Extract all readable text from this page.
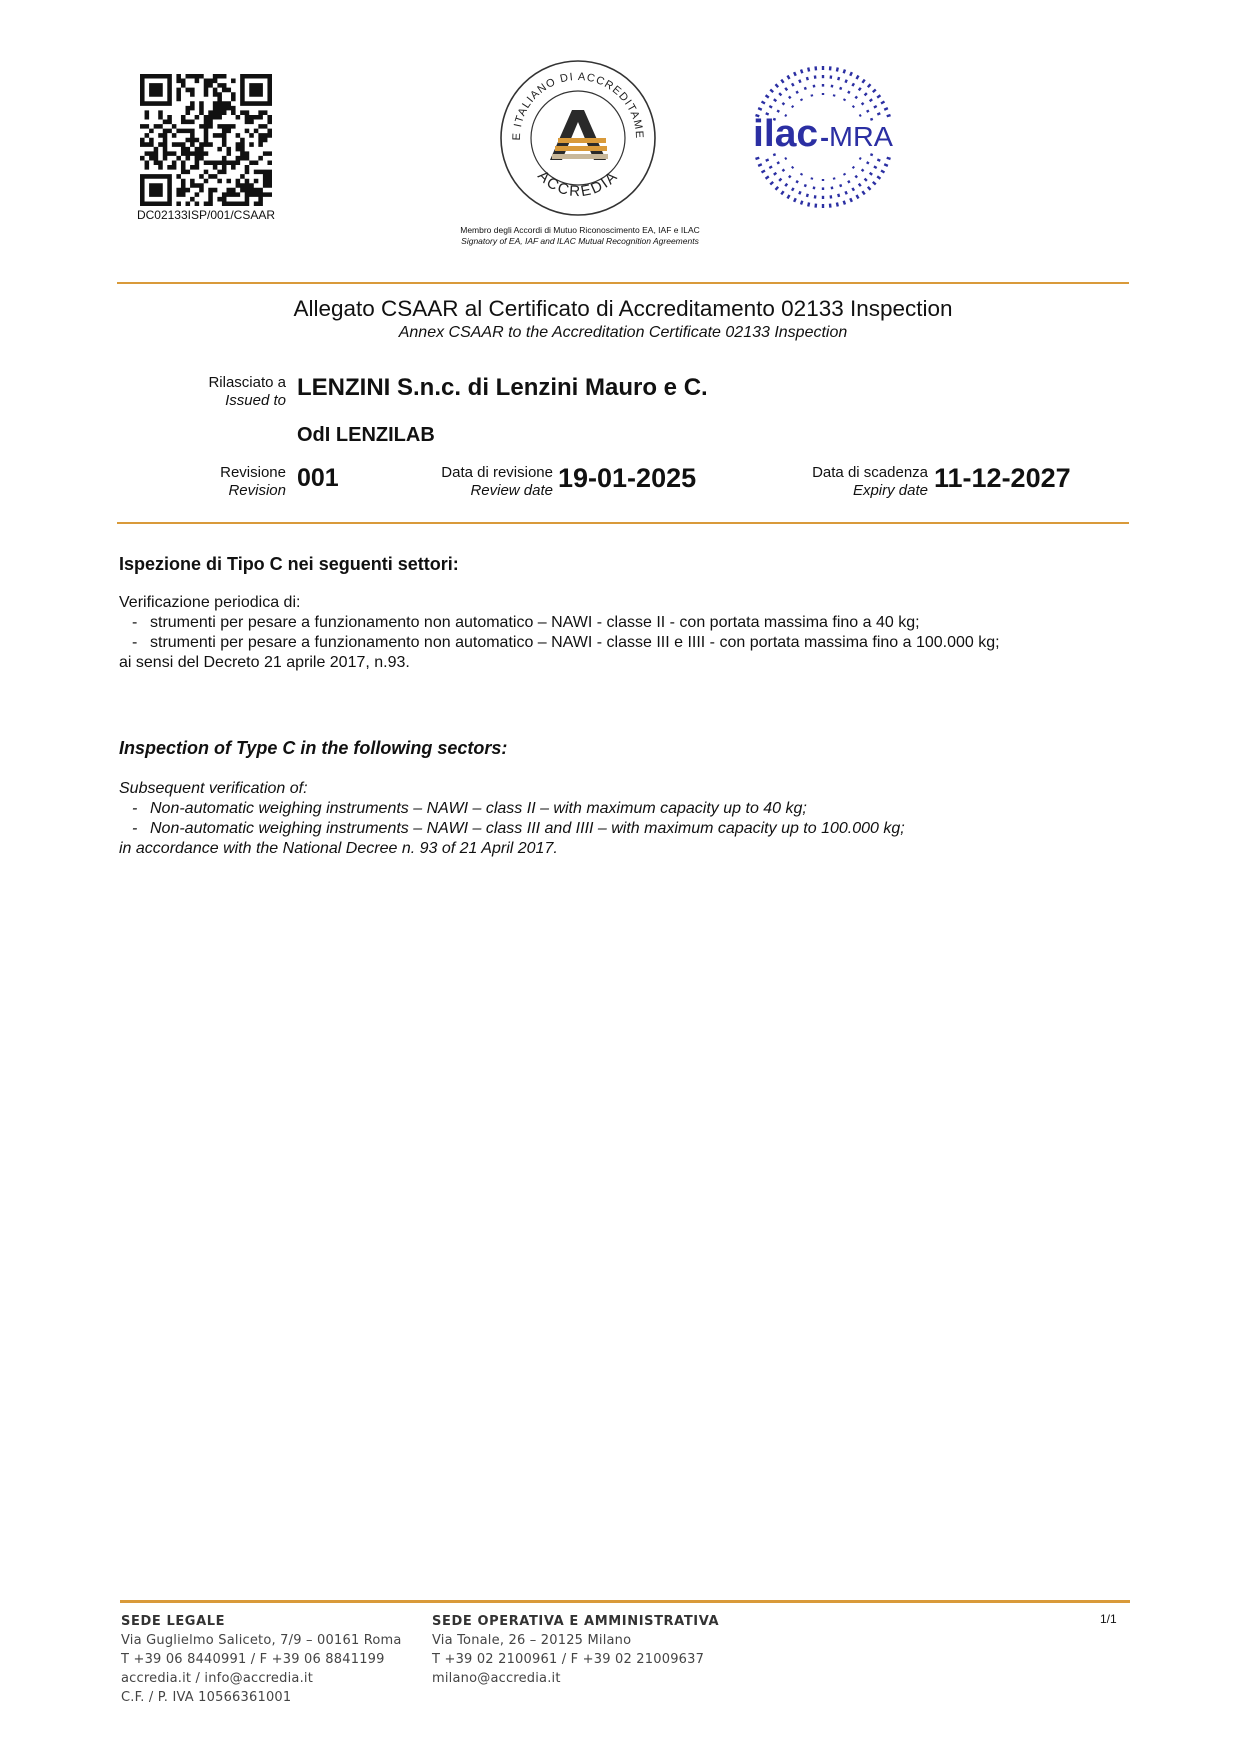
DC02133ISP/001/CSAAR
E ITALIANO DI ACCREDITAME
ACCREDIA
Membro degli Accordi di Mutuo Riconoscimento EA, IAF e ILAC
Signatory of EA, IAF and ILAC Mutual Recognition Agreements
ilac -MRA
Allegato CSAAR al Certificato di Accreditamento 02133 Inspection
Annex CSAAR to the Accreditation Certificate 02133 Inspection
Rilasciato a
Issued to LENZINI S.n.c. di Lenzini Mauro e C.
OdI LENZILAB
Revisione
Revision 001	Data di revisione
Review date 19-01-2025	Data di scadenza
Expiry date 11-12-2027
Ispezione di Tipo C nei seguenti settori:
Verificazione periodica di:
- strumenti per pesare a funzionamento non automatico – NAWI - classe II - con portata massima fino a 40 kg;
- strumenti per pesare a funzionamento non automatico – NAWI - classe III e IIII - con portata massima fino a 100.000 kg;
ai sensi del Decreto 21 aprile 2017, n.93.
Inspection of Type C in the following sectors:
Subsequent verification of:
- Non-automatic weighing instruments – NAWI – class II – with maximum capacity up to 40 kg;
- Non-automatic weighing instruments – NAWI – class III and IIII – with maximum capacity up to 100.000 kg;
in accordance with the National Decree n. 93 of 21 April 2017.
SEDE LEGALE
Via Guglielmo Saliceto, 7/9 – 00161 Roma
T +39 06 8440991 / F +39 06 8841199
accredia.it / info@accredia.it
C.F. / P. IVA 10566361001
SEDE OPERATIVA E AMMINISTRATIVA
Via Tonale, 26 – 20125 Milano
T +39 02 2100961 / F +39 02 21009637
milano@accredia.it
1/1
